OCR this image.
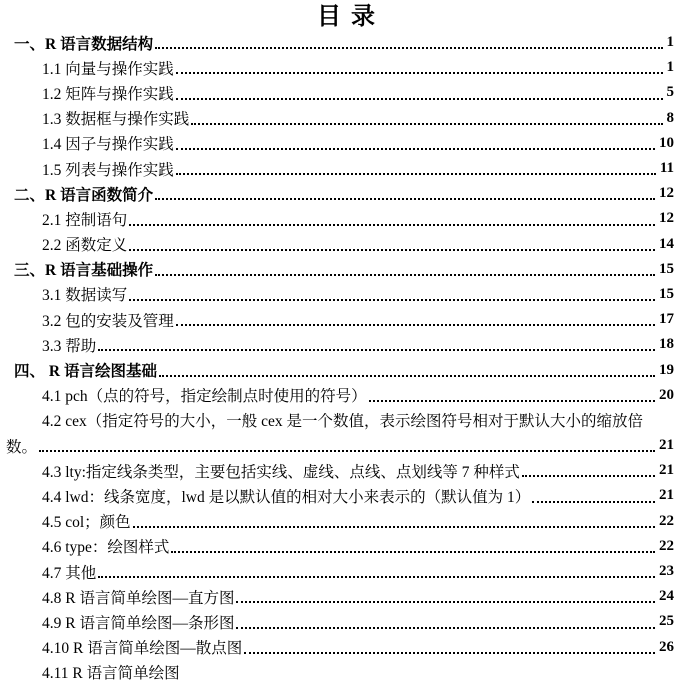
目 录
一、R 语言数据结构	1
1.1 向量与操作实践	1
1.2 矩阵与操作实践	5
1.3 数据框与操作实践	8
1.4 因子与操作实践	10
1.5 列表与操作实践	11
二、R 语言函数简介	12
2.1 控制语句	12
2.2 函数定义	14
三、R 语言基础操作	15
3.1 数据读写	15
3.2 包的安装及管理	17
3.3 帮助	18
四、 R 语言绘图基础	19
4.1 pch（点的符号，指定绘制点时使用的符号）	20
4.2 cex（指定符号的大小，一般 cex 是一个数值，表示绘图符号相对于默认大小的缩放倍
数。	21
4.3 lty:指定线条类型，主要包括实线、虚线、点线、点划线等 7 种样式	21
4.4 lwd：线条宽度，lwd 是以默认值的相对大小来表示的（默认值为 1）	21
4.5 col；颜色	22
4.6 type：绘图样式	22
4.7 其他	23
4.8 R 语言简单绘图—直方图	24
4.9 R 语言简单绘图—条形图	25
4.10 R 语言简单绘图—散点图	26
4.11 R 语言简单绘图
